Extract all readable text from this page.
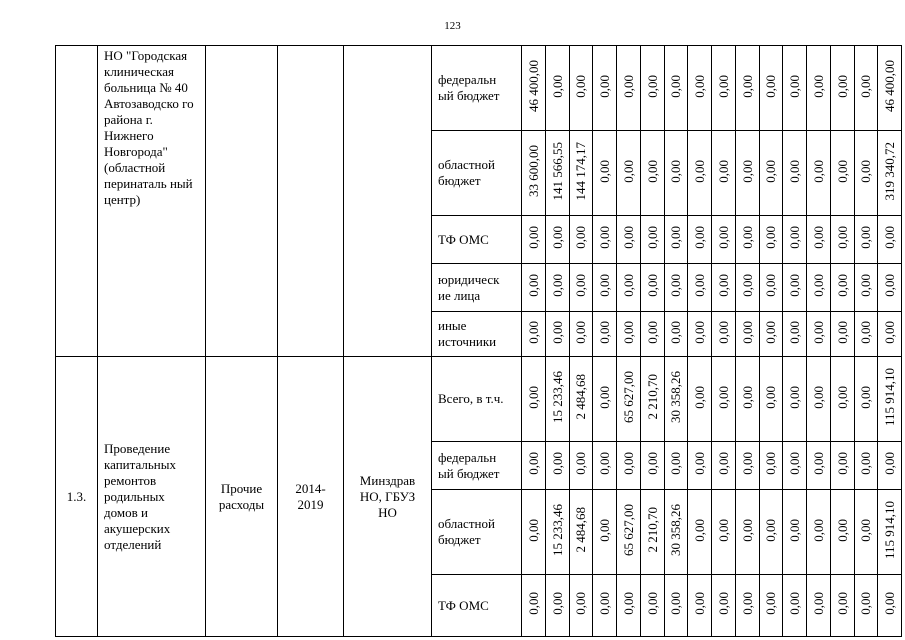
123
	НО "Городская клиническая больница № 40 Автозаводско го района г. Нижнего Новгорода" (областной перинаталь ный центр)				федеральн ый бюджет	46 400,00	0,00	0,00	0,00	0,00	0,00	0,00	0,00	0,00	0,00	0,00	0,00	0,00	0,00	0,00	46 400,00
					областной бюджет	33 600,00	141 566,55	144 174,17	0,00	0,00	0,00	0,00	0,00	0,00	0,00	0,00	0,00	0,00	0,00	0,00	319 340,72
					ТФ ОМС	0,00	0,00	0,00	0,00	0,00	0,00	0,00	0,00	0,00	0,00	0,00	0,00	0,00	0,00	0,00	0,00
					юридическ ие лица	0,00	0,00	0,00	0,00	0,00	0,00	0,00	0,00	0,00	0,00	0,00	0,00	0,00	0,00	0,00	0,00
					иные источники	0,00	0,00	0,00	0,00	0,00	0,00	0,00	0,00	0,00	0,00	0,00	0,00	0,00	0,00	0,00	0,00
1.3.	Проведение капитальных ремонтов родильных домов и акушерских отделений	Прочие расходы	2014-2019	Минздрав НО, ГБУЗ НО	Всего, в т.ч.	0,00	15 233,46	2 484,68	0,00	65 627,00	2 210,70	30 358,26	0,00	0,00	0,00	0,00	0,00	0,00	0,00	0,00	115 914,10
					федеральн ый бюджет	0,00	0,00	0,00	0,00	0,00	0,00	0,00	0,00	0,00	0,00	0,00	0,00	0,00	0,00	0,00	0,00
					областной бюджет	0,00	15 233,46	2 484,68	0,00	65 627,00	2 210,70	30 358,26	0,00	0,00	0,00	0,00	0,00	0,00	0,00	0,00	115 914,10
					ТФ ОМС	0,00	0,00	0,00	0,00	0,00	0,00	0,00	0,00	0,00	0,00	0,00	0,00	0,00	0,00	0,00	0,00
